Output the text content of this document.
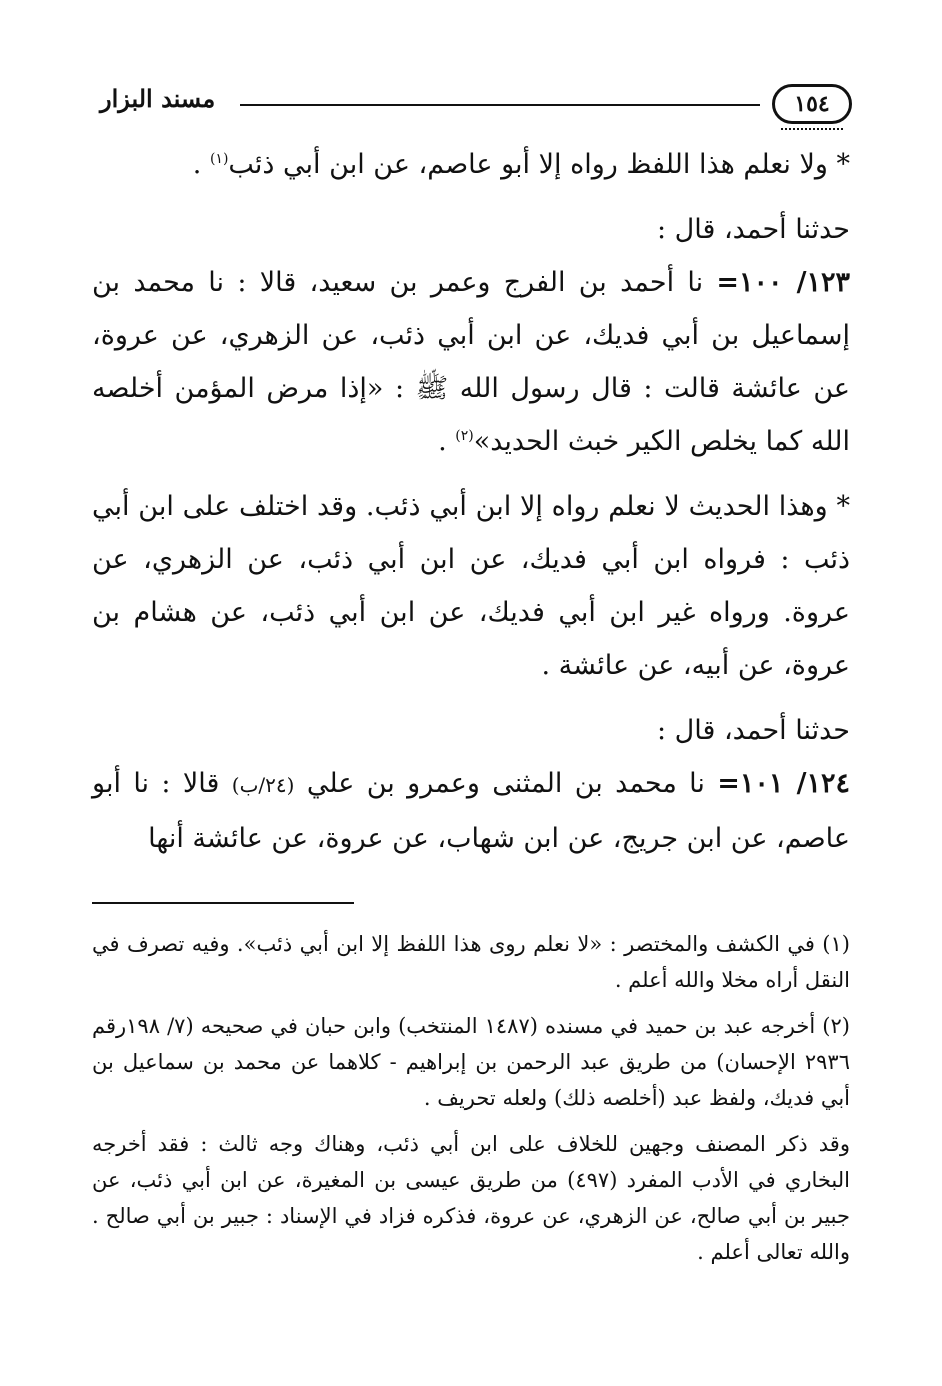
١٥٤
مسند البزار

* ولا نعلم هذا اللفظ رواه إلا أبو عاصم، عن ابن أبي ذئب$^{(١)}$ .

حدثنا أحمد، قال :

١٢٣/ ١٠٠= نا أحمد بن الفرج وعمر بن سعيد، قالا : نا محمد بن إسماعيل بن أبي فديك، عن ابن أبي ذئب، عن الزهري، عن عروة، عن عائشة قالت : قال رسول الله ﷺ : «إذا مرض المؤمن أخلصه الله كما يخلص الكير خبث الحديد»$^{(٢)}$ .

* وهذا الحديث لا نعلم رواه إلا ابن أبي ذئب. وقد اختلف على ابن أبي ذئب : فرواه ابن أبي فديك، عن ابن أبي ذئب، عن الزهري، عن عروة. ورواه غير ابن أبي فديك، عن ابن أبي ذئب، عن هشام بن عروة، عن أبيه، عن عائشة .

حدثنا أحمد، قال :

١٢٤/ ١٠١= نا محمد بن المثنى وعمرو بن علي (٢٤/ب) قالا : نا أبو عاصم، عن ابن جريج، عن ابن شهاب، عن عروة، عن عائشة أنها

(١) في الكشف والمختصر : «لا نعلم روى هذا اللفظ إلا ابن أبي ذئب». وفيه تصرف في النقل أراه مخلا والله أعلم .

(٢) أخرجه عبد بن حميد في مسنده (١٤٨٧ المنتخب) وابن حبان في صحيحه (٧/ ١٩٨رقم ٢٩٣٦ الإحسان) من طريق عبد الرحمن بن إبراهيم - كلاهما عن محمد بن سماعيل بن أبي فديك، ولفظ عبد (أخلصه ذلك) ولعله تحريف .

وقد ذكر المصنف وجهين للخلاف على ابن أبي ذئب، وهناك وجه ثالث : فقد أخرجه البخاري في الأدب المفرد (٤٩٧) من طريق عيسى بن المغيرة، عن ابن أبي ذئب، عن جبير بن أبي صالح، عن الزهري، عن عروة، فذكره فزاد في الإسناد : جبير بن أبي صالح . والله تعالى أعلم .
